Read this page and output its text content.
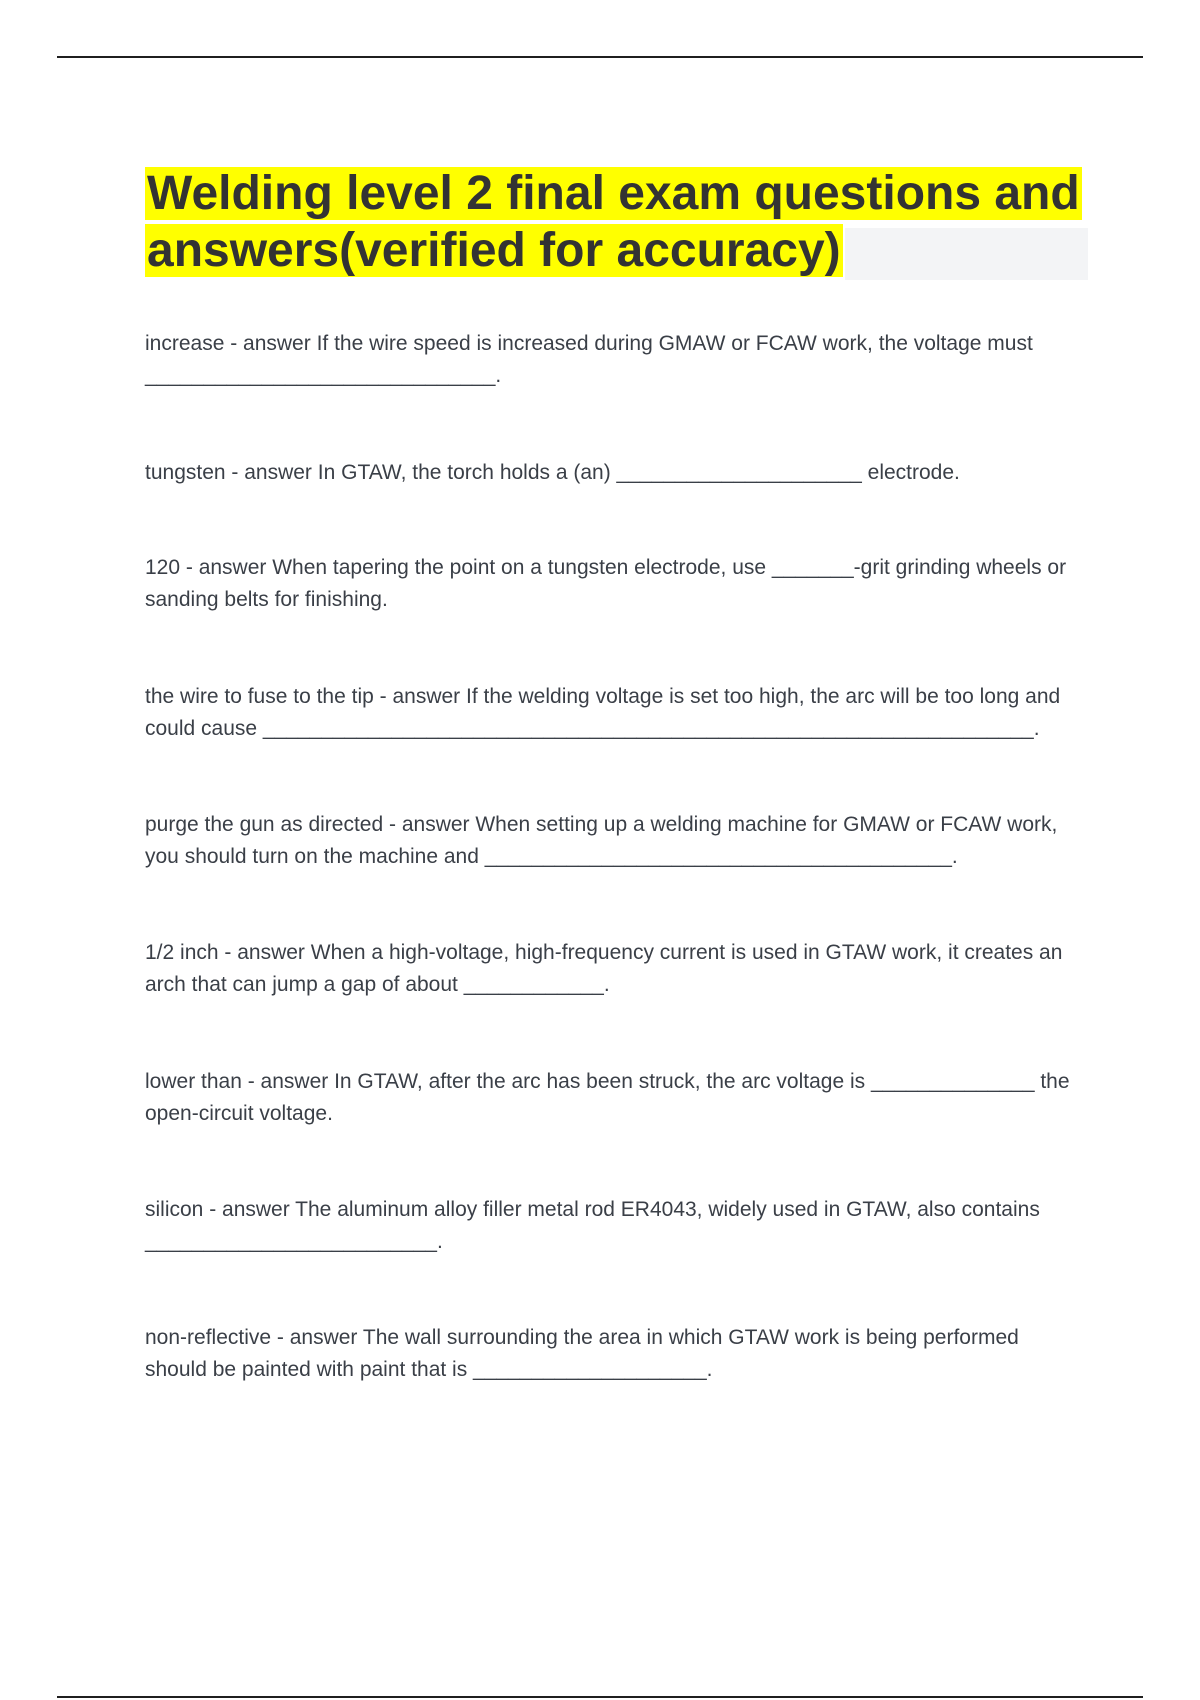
Welding level 2 final exam questions and answers(verified for accuracy)
increase - answer If the wire speed is increased during GMAW or FCAW work, the voltage must ______________________________.
tungsten - answer In GTAW, the torch holds a (an) _____________________ electrode.
120 - answer When tapering the point on a tungsten electrode, use _______-grit grinding wheels or sanding belts for finishing.
the wire to fuse to the tip - answer If the welding voltage is set too high, the arc will be too long and could cause __________________________________________________________________.
purge the gun as directed - answer When setting up a welding machine for GMAW or FCAW work, you should turn on the machine and ________________________________________.
1/2 inch - answer When a high-voltage, high-frequency current is used in GTAW work, it creates an arch that can jump a gap of about ____________.
lower than - answer In GTAW, after the arc has been struck, the arc voltage is ______________ the open-circuit voltage.
silicon - answer The aluminum alloy filler metal rod ER4043, widely used in GTAW, also contains _________________________.
non-reflective - answer The wall surrounding the area in which GTAW work is being performed should be painted with paint that is ____________________.
